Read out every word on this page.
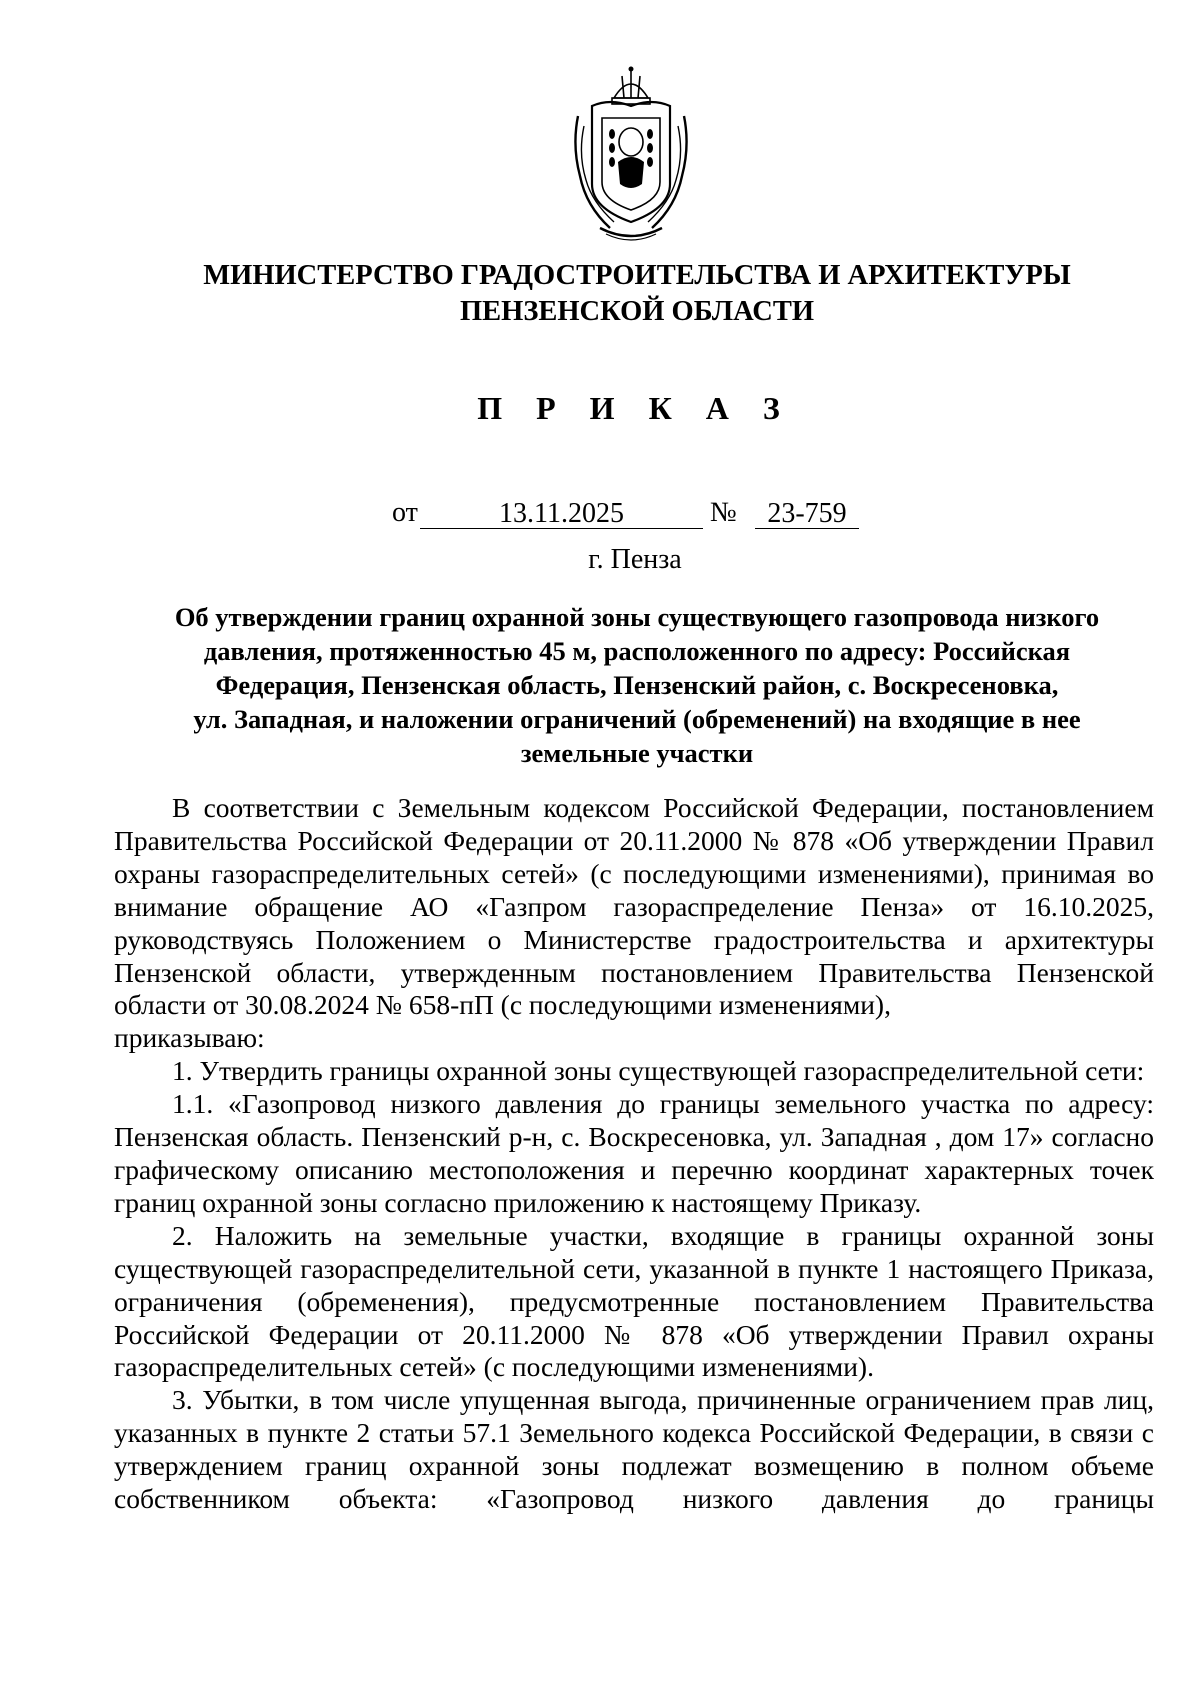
МИНИСТЕРСТВО ГРАДОСТРОИТЕЛЬСТВА И АРХИТЕКТУРЫ
ПЕНЗЕНСКОЙ ОБЛАСТИ
П Р И К А З
от	13.11.2025	№	23-759
г. Пенза
Об утверждении границ охранной зоны существующего газопровода низкого
давления, протяженностью 45 м, расположенного по адресу: Российская
Федерация, Пензенская область, Пензенский район, с. Воскресеновка,
ул. Западная, и наложении ограничений (обременений) на входящие в нее
земельные участки

В соответствии с Земельным кодексом Российской Федерации, постановлением Правительства Российской Федерации от 20.11.2000 № 878 «Об утверждении Правил охраны газораспределительных сетей» (с последующими изменениями), принимая во внимание обращение АО «Газпром газораспределение Пенза» от 16.10.2025, руководствуясь Положением о Министерстве градостроительства и архитектуры Пензенской области, утвержденным постановлением Правительства Пензенской области от 30.08.2024 № 658-пП (с последующими изменениями),

приказываю:

1. Утвердить границы охранной зоны существующей газораспределительной сети:

1.1. «Газопровод низкого давления до границы земельного участка по адресу: Пензенская область. Пензенский р-н, с. Воскресеновка, ул. Западная , дом 17» согласно графическому описанию местоположения и перечню координат характерных точек границ охранной зоны согласно приложению к настоящему Приказу.

2. Наложить на земельные участки, входящие в границы охранной зоны существующей газораспределительной сети, указанной в пункте 1 настоящего Приказа, ограничения (обременения), предусмотренные постановлением Правительства Российской Федерации от 20.11.2000 № 878 «Об утверждении Правил охраны газораспределительных сетей» (с последующими изменениями).

3. Убытки, в том числе упущенная выгода, причиненные ограничением прав лиц, указанных в пункте 2 статьи 57.1 Земельного кодекса Российской Федерации, в связи с утверждением границ охранной зоны подлежат возмещению в полном объеме собственником объекта: «Газопровод низкого давления до границы
